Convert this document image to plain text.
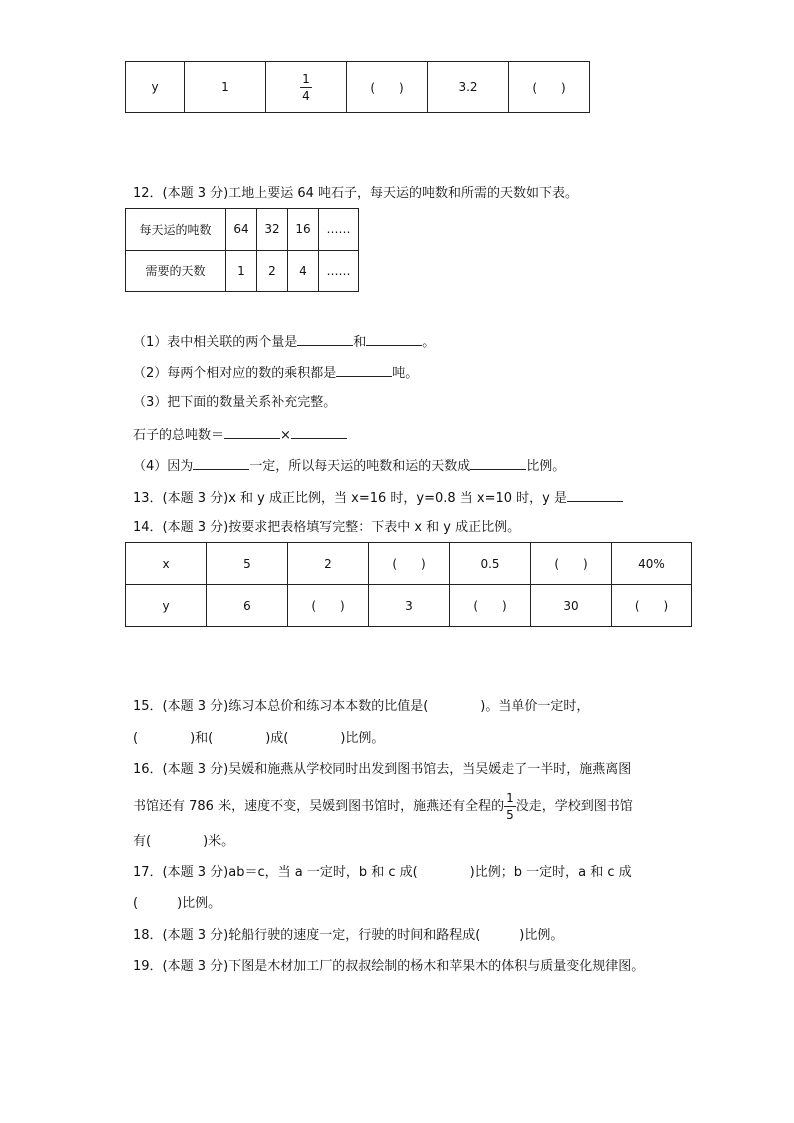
y	1	$\frac{1}{4}$	(　　)	3.2	(　　)
12．(本题 3 分)工地上要运 64 吨石子，每天运的吨数和所需的天数如下表。
每天运的吨数	64	32	16	……
需要的天数	1	2	4	……
（1）表中相关联的两个量是	和	。
（2）每两个相对应的数的乘积都是	吨。
（3）把下面的数量关系补充完整。
石子的总吨数＝	×
（4）因为	一定，所以每天运的吨数和运的天数成	比例。
13．(本题 3 分)x 和 y 成正比例，当 x=16 时，y=0.8 当 x=10 时，y 是
14．(本题 3 分)按要求把表格填写完整：下表中 x 和 y 成正比例。
x	5	2	(　　)	0.5	(　　)	40%
y	6	(　　)	3	(　　)	30	(　　)
15．(本题 3 分)练习本总价和练习本本数的比值是(　　　　)。当单价一定时，
(　　　　)和(　　　　)成(　　　　)比例。
16．(本题 3 分)吴媛和施燕从学校同时出发到图书馆去，当吴媛走了一半时，施燕离图
书馆还有 786 米，速度不变，吴媛到图书馆时，施燕还有全程的 $\frac{1}{5}$ 没走，学校到图书馆
有(　　　　)米。
17．(本题 3 分)ab＝c，当 a 一定时，b 和 c 成(　　　　)比例；b 一定时，a 和 c 成
(　　　)比例。
18．(本题 3 分)轮船行驶的速度一定，行驶的时间和路程成(　　　)比例。
19．(本题 3 分)下图是木材加工厂的叔叔绘制的杨木和苹果木的体积与质量变化规律图。
